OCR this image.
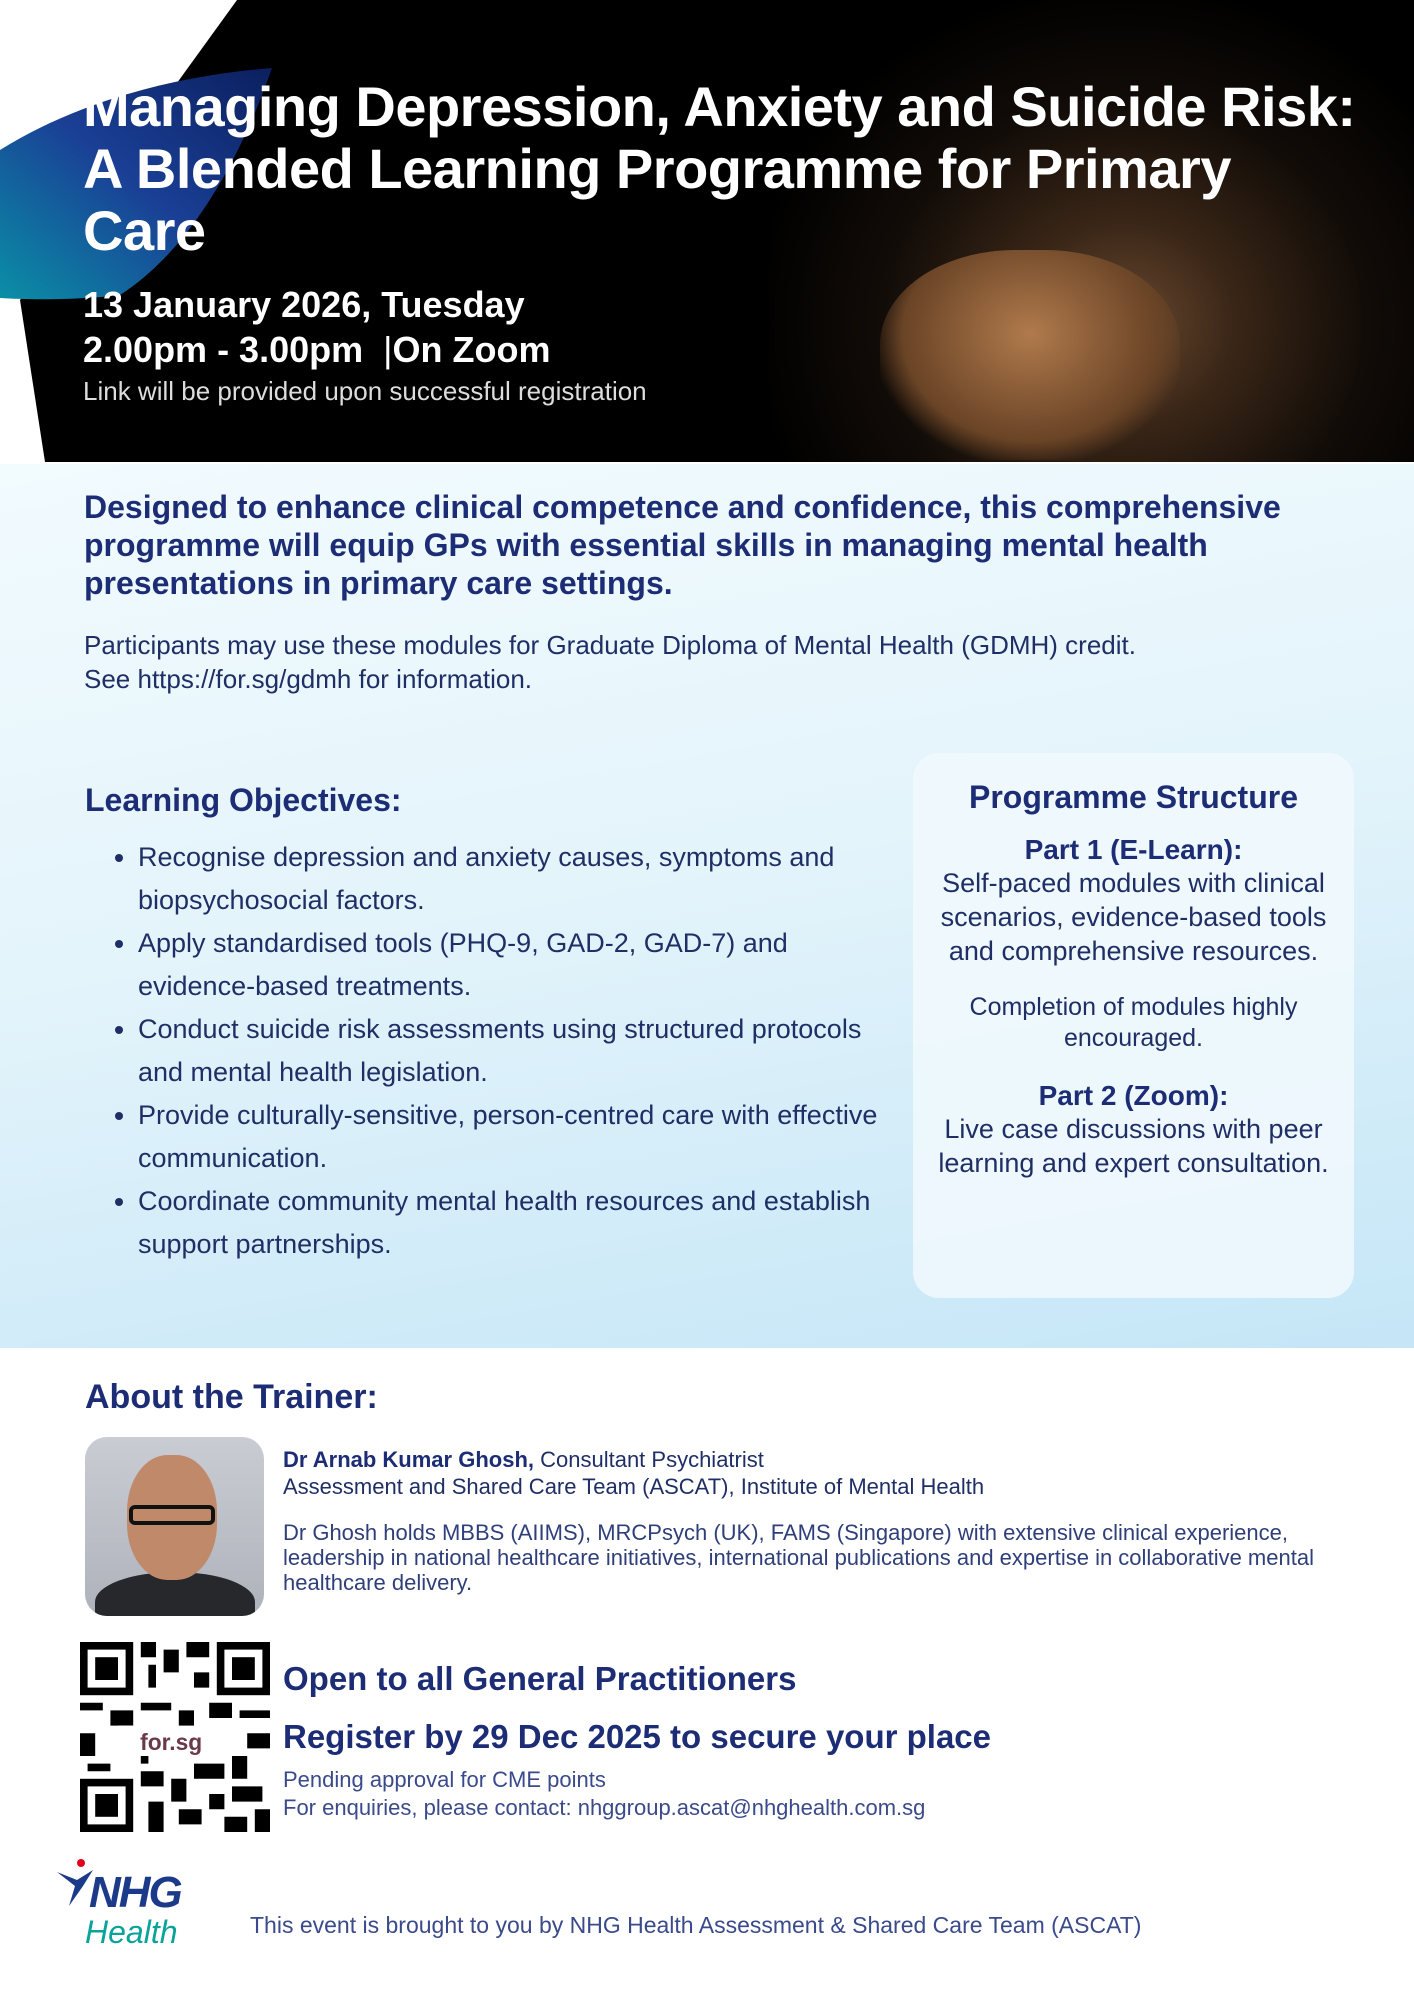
Managing Depression, Anxiety and Suicide Risk: A Blended Learning Programme for Primary Care
13 January 2026, Tuesday
2.00pm - 3.00pm  |On Zoom
Link will be provided upon successful registration

Designed to enhance clinical competence and confidence, this comprehensive programme will equip GPs with essential skills in managing mental health presentations in primary care settings.

Participants may use these modules for Graduate Diploma of Mental Health (GDMH) credit.
See https://for.sg/gdmh for information.
Learning Objectives:
• Recognise depression and anxiety causes, symptoms and biopsychosocial factors.
• Apply standardised tools (PHQ-9, GAD-2, GAD-7) and evidence-based treatments.
• Conduct suicide risk assessments using structured protocols and mental health legislation.
• Provide culturally-sensitive, person-centred care with effective communication.
• Coordinate community mental health resources and establish support partnerships.
Programme Structure
Part 1 (E-Learn):
Self-paced modules with clinical scenarios, evidence-based tools and comprehensive resources.
Completion of modules highly encouraged.
Part 2 (Zoom):
Live case discussions with peer learning and expert consultation.
About the Trainer:
Dr Arnab Kumar Ghosh, Consultant Psychiatrist
Assessment and Shared Care Team (ASCAT), Institute of Mental Health

Dr Ghosh holds MBBS (AIIMS), MRCPsych (UK), FAMS (Singapore) with extensive clinical experience, leadership in national healthcare initiatives, international publications and expertise in collaborative mental healthcare delivery.

for.sg
Open to all General Practitioners
Register by 29 Dec 2025 to secure your place
Pending approval for CME points
For enquiries, please contact: nhggroup.ascat@nhghealth.com.sg
NHG
Health	This event is brought to you by NHG Health Assessment & Shared Care Team (ASCAT)
